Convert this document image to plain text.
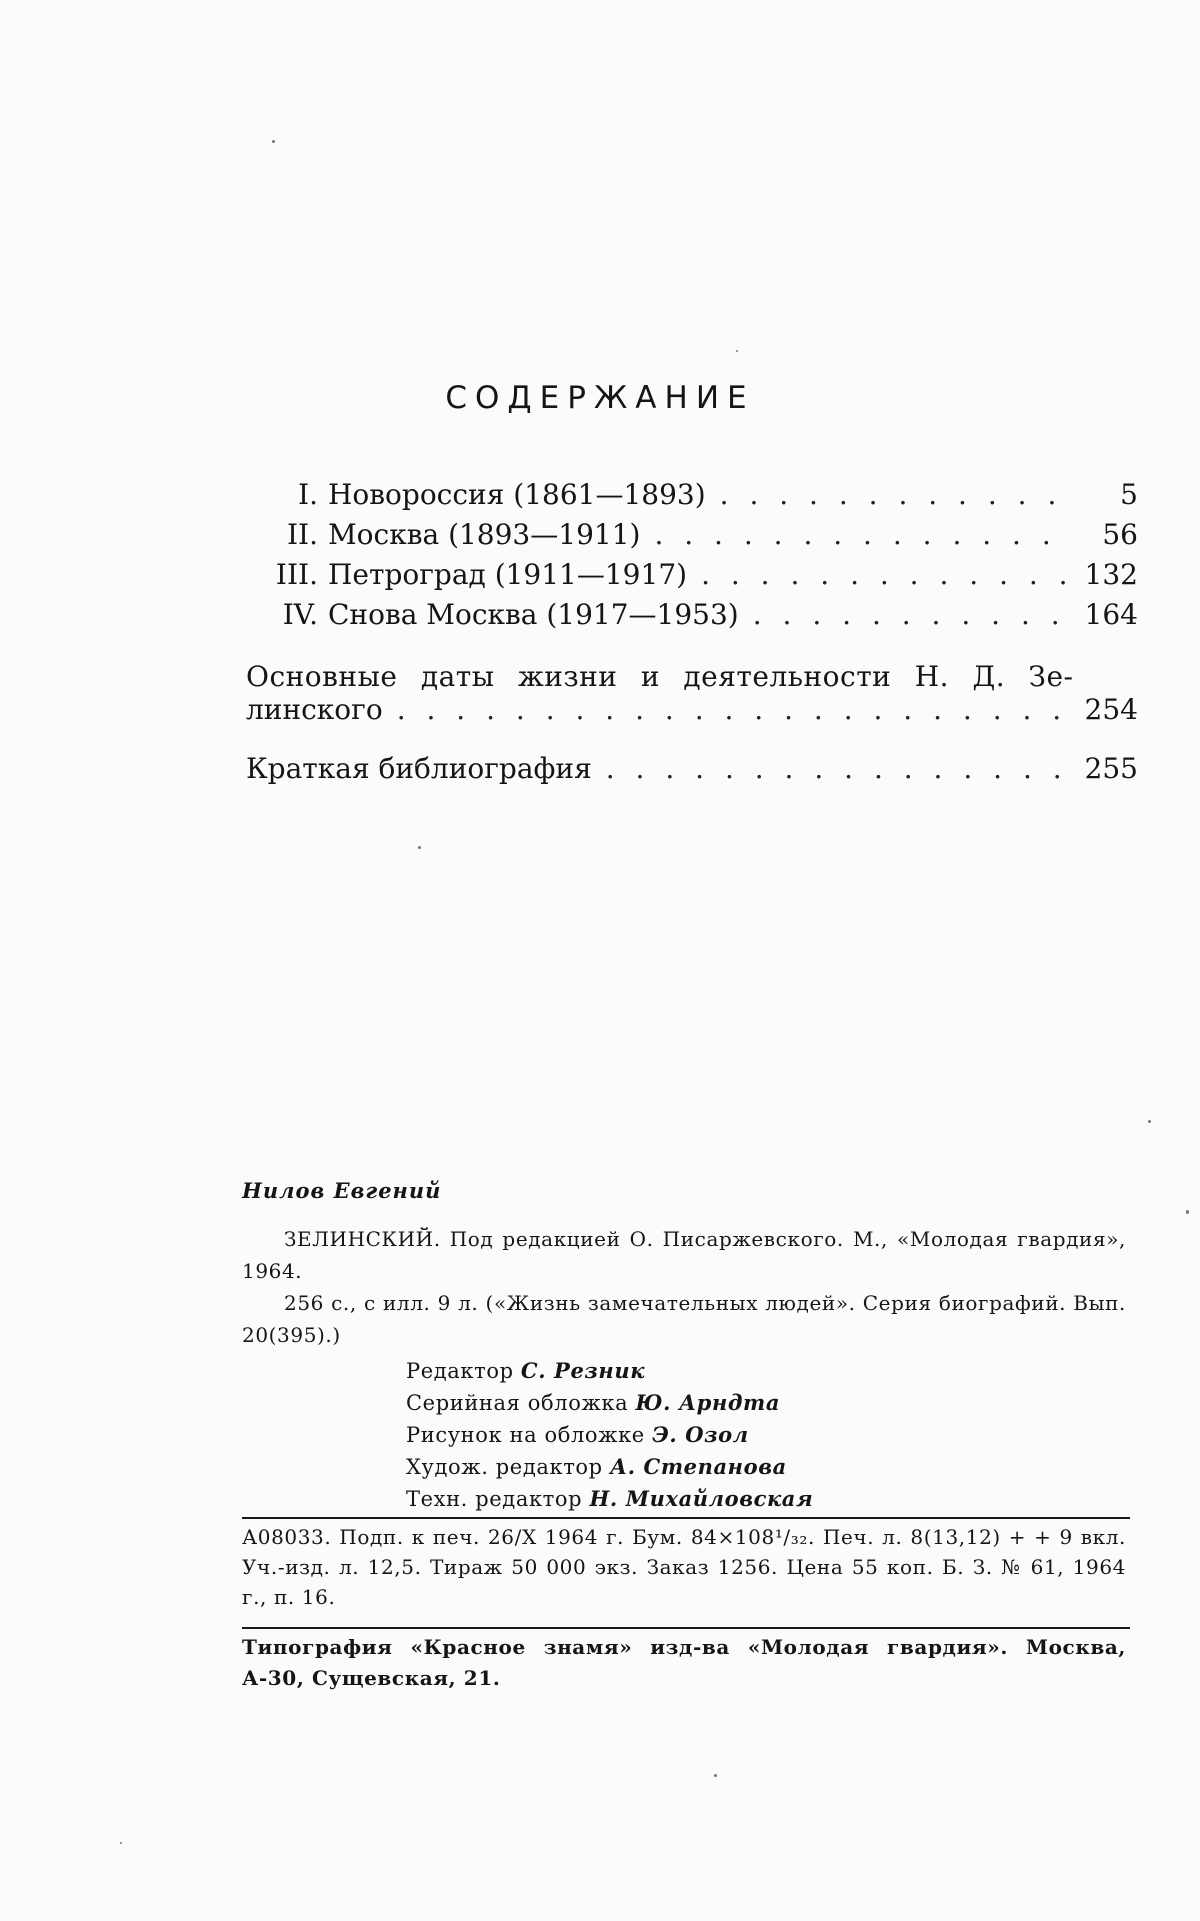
СОДЕРЖАНИЕ
I. Новороссия (1861—1893)
. . .	5
II. Москва (1893—1911)
. . .	56
III. Петроград (1911—1917)
. . .	132
IV. Снова Москва (1917—1953)
. . .	164
Основные даты жизни и деятельности Н. Д. Зе-
линского
. . .	254
Краткая библиография
. . .	255
Нилов Евгений
ЗЕЛИНСКИЙ. Под редакцией О. Писаржевского. М., «Молодая гвардия», 1964.
256 с., с илл. 9 л. («Жизнь замечательных людей». Серия биографий. Вып. 20(395).)
Редактор С. Резник
Серийная обложка Ю. Арндта
Рисунок на обложке Э. Озол
Худож. редактор А. Степанова
Техн. редактор Н. Михайловская
А08033. Подп. к печ. 26/X 1964 г. Бум. 84×108¹/₃₂. Печ. л. 8(13,12) + + 9 вкл. Уч.-изд. л. 12,5. Тираж 50 000 экз. Заказ 1256. Цена 55 коп. Б. З. № 61, 1964 г., п. 16.
Типография «Красное знамя» изд-ва «Молодая гвардия». Москва, А-30, Сущевская, 21.
